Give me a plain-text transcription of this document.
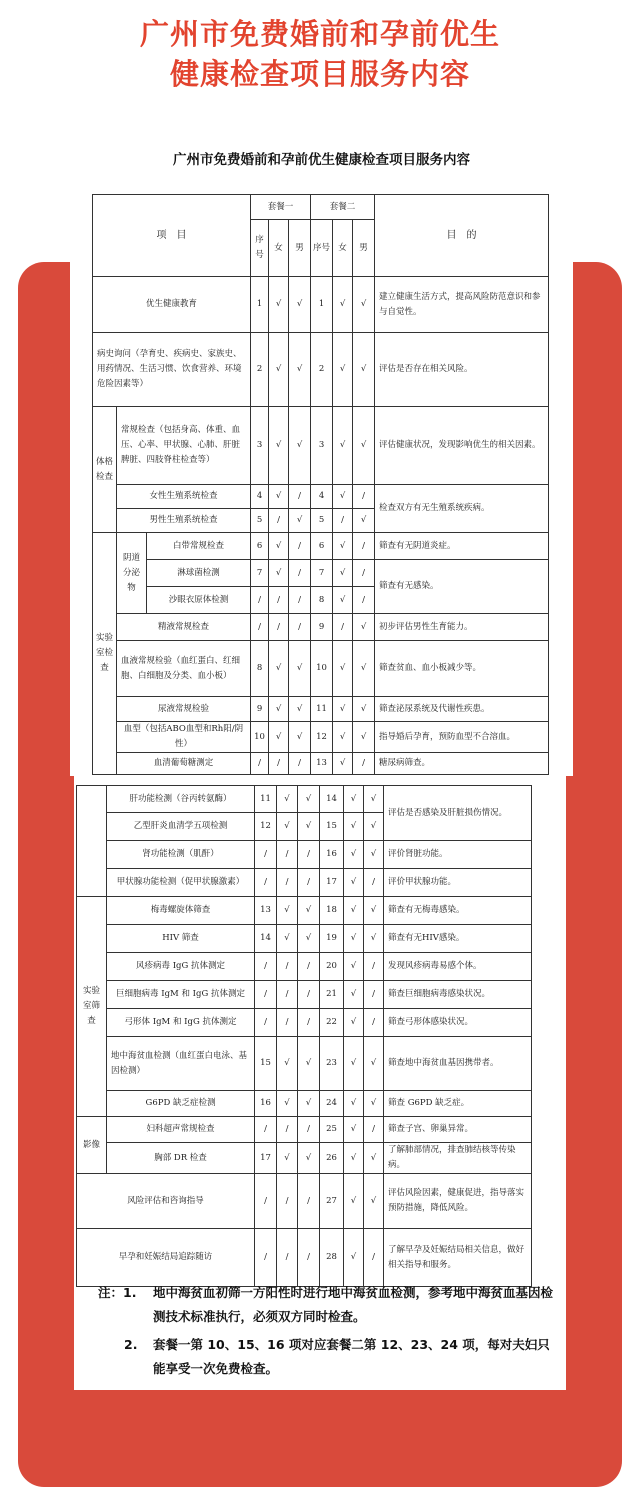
广州市免费婚前和孕前优生
健康检查项目服务内容
广州市免费婚前和孕前优生健康检查项目服务内容
项　目			套餐一			套餐二			目　的
			序号	女	男	序号	女	男	
优生健康教育			1	√	√	1	√	√	建立健康生活方式，提高风险防范意识和参与自觉性。
病史询问（孕育史、疾病史、家族史、用药情况、生活习惯、饮食营养、环境危险因素等）			2	√	√	2	√	√	评估是否存在相关风险。
体格检查	常规检查（包括身高、体重、血压、心率、甲状腺、心肺、肝脏脾脏、四肢脊柱检查等）		3	√	√	3	√	√	评估健康状况，发现影响优生的相关因素。
	女性生殖系统检查		4	√	/	4	√	/	检查双方有无生殖系统疾病。
	男性生殖系统检查		5	/	√	5	/	√	
实验室检查	阴道分泌物	白带常规检查	6	√	/	6	√	/	筛查有无阴道炎症。
		淋球菌检测	7	√	/	7	√	/	筛查有无感染。
		沙眼衣原体检测	/	/	/	8	√	/	
	精液常规检查		/	/	/	9	/	√	初步评估男性生育能力。
	血液常规检验（血红蛋白、红细胞、白细胞及分类、血小板）		8	√	√	10	√	√	筛查贫血、血小板减少等。
	尿液常规检验		9	√	√	11	√	√	筛查泌尿系统及代谢性疾患。
	血型（包括ABO血型和Rh阳/阴性）		10	√	√	12	√	√	指导婚后孕育，预防血型不合溶血。
	血清葡萄糖测定		/	/	/	13	√	/	糖尿病筛查。
	肝功能检测（谷丙转氨酶）	11	√	√	14	√	√	评估是否感染及肝脏损伤情况。
	乙型肝炎血清学五项检测	12	√	√	15	√	√	
	肾功能检测（肌酐）	/	/	/	16	√	√	评价肾脏功能。
	甲状腺功能检测（促甲状腺激素）	/	/	/	17	√	/	评价甲状腺功能。
实验室筛查	梅毒螺旋体筛查	13	√	√	18	√	√	筛查有无梅毒感染。
	HIV 筛查	14	√	√	19	√	√	筛查有无HIV感染。
	风疹病毒 IgG 抗体测定	/	/	/	20	√	/	发现风疹病毒易感个体。
	巨细胞病毒 IgM 和 IgG 抗体测定	/	/	/	21	√	/	筛查巨细胞病毒感染状况。
	弓形体 IgM 和 IgG 抗体测定	/	/	/	22	√	/	筛查弓形体感染状况。
	地中海贫血检测（血红蛋白电泳、基因检测）	15	√	√	23	√	√	筛查地中海贫血基因携带者。
	G6PD 缺乏症检测	16	√	√	24	√	√	筛查 G6PD 缺乏症。
影像	妇科超声常规检查	/	/	/	25	√	/	筛查子宫、卵巢异常。
	胸部 DR 检查	17	√	√	26	√	√	了解肺部情况，排查肺结核等传染病。
风险评估和咨询指导		/	/	/	27	√	√	评估风险因素，健康促进，指导落实预防措施，降低风险。
早孕和妊娠结局追踪随访		/	/	/	28	√	/	了解早孕及妊娠结局相关信息，做好相关指导和服务。
注：1. 地中海贫血初筛一方阳性时进行地中海贫血检测，参考地中海贫血基因检测技术标准执行，必须双方同时检查。
2. 套餐一第 10、15、16 项对应套餐二第 12、23、24 项，每对夫妇只能享受一次免费检查。
